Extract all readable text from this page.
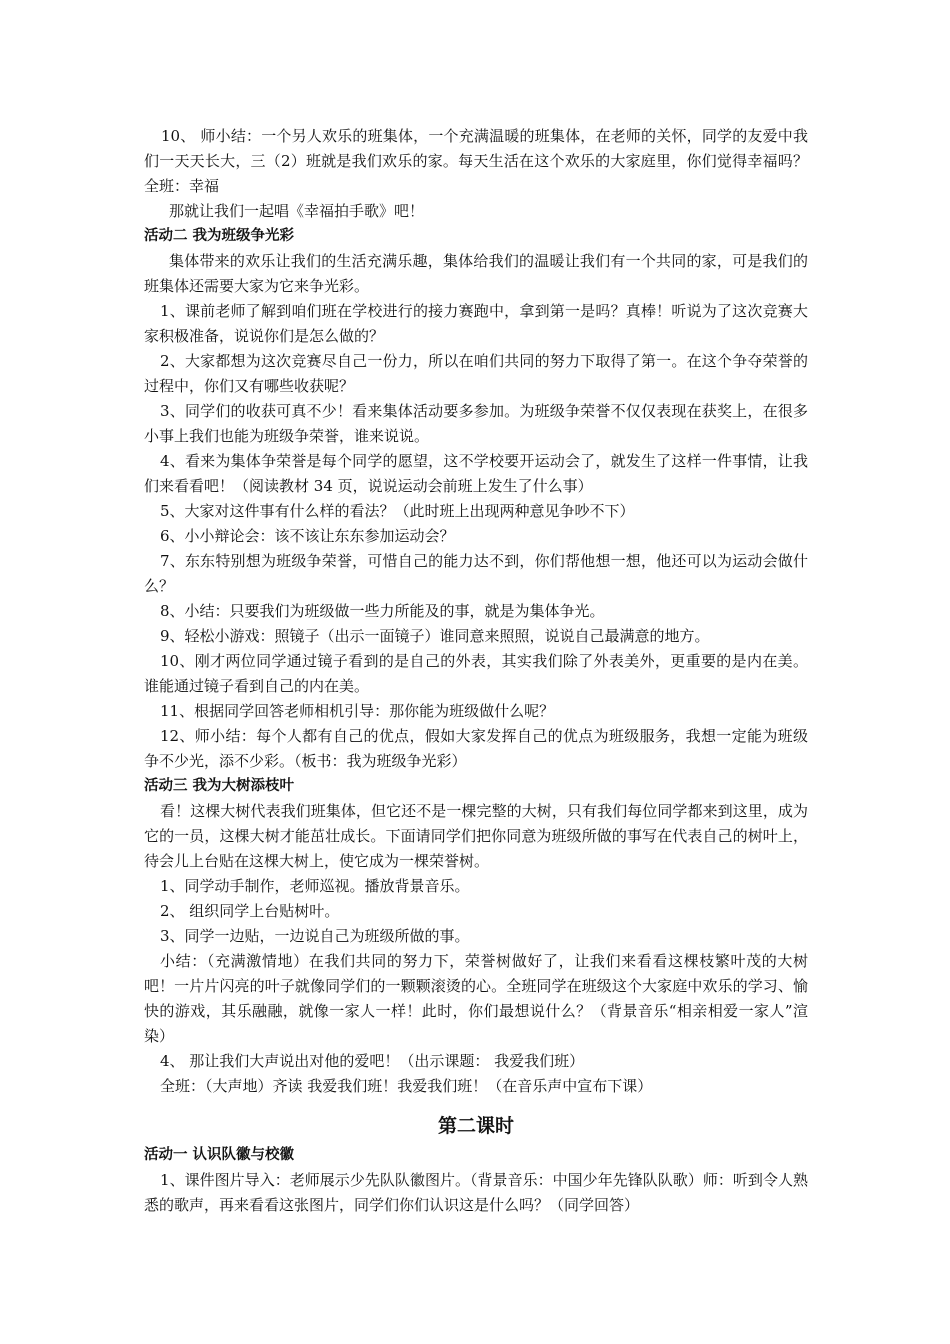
10、 师小结：一个另人欢乐的班集体，一个充满温暖的班集体，在老师的关怀，同学的友爱中我们一天天长大，三（2）班就是我们欢乐的家。每天生活在这个欢乐的大家庭里，你们觉得幸福吗？全班：幸福

那就让我们一起唱《幸福拍手歌》吧！

活动二 我为班级争光彩

集体带来的欢乐让我们的生活充满乐趣，集体给我们的温暖让我们有一个共同的家，可是我们的班集体还需要大家为它来争光彩。

1、课前老师了解到咱们班在学校进行的接力赛跑中，拿到第一是吗？真棒！听说为了这次竞赛大家积极准备，说说你们是怎么做的？

2、大家都想为这次竞赛尽自己一份力，所以在咱们共同的努力下取得了第一。在这个争夺荣誉的过程中，你们又有哪些收获呢？

3、同学们的收获可真不少！看来集体活动要多参加。为班级争荣誉不仅仅表现在获奖上，在很多小事上我们也能为班级争荣誉，谁来说说。

4、看来为集体争荣誉是每个同学的愿望，这不学校要开运动会了，就发生了这样一件事情，让我们来看看吧！（阅读教材 34 页，说说运动会前班上发生了什么事）

5、大家对这件事有什么样的看法？（此时班上出现两种意见争吵不下）

6、小小辩论会：该不该让东东参加运动会？

7、东东特别想为班级争荣誉，可惜自己的能力达不到，你们帮他想一想，他还可以为运动会做什么？

8、小结：只要我们为班级做一些力所能及的事，就是为集体争光。

9、轻松小游戏：照镜子（出示一面镜子）谁同意来照照，说说自己最满意的地方。

10、刚才两位同学通过镜子看到的是自己的外表，其实我们除了外表美外，更重要的是内在美。谁能通过镜子看到自己的内在美。

11、根据同学回答老师相机引导：那你能为班级做什么呢？

12、师小结：每个人都有自己的优点，假如大家发挥自己的优点为班级服务，我想一定能为班级争不少光，添不少彩。（板书：我为班级争光彩）

活动三 我为大树添枝叶

看！这棵大树代表我们班集体，但它还不是一棵完整的大树，只有我们每位同学都来到这里，成为它的一员，这棵大树才能茁壮成长。下面请同学们把你同意为班级所做的事写在代表自己的树叶上，待会儿上台贴在这棵大树上，使它成为一棵荣誉树。

1、同学动手制作，老师巡视。播放背景音乐。

2、 组织同学上台贴树叶。

3、同学一边贴，一边说自己为班级所做的事。

小结：（充满激情地）在我们共同的努力下，荣誉树做好了，让我们来看看这棵枝繁叶茂的大树吧！一片片闪亮的叶子就像同学们的一颗颗滚烫的心。全班同学在班级这个大家庭中欢乐的学习、愉快的游戏，其乐融融，就像一家人一样！此时，你们最想说什么？（背景音乐“相亲相爱一家人”渲染）

4、 那让我们大声说出对他的爱吧！（出示课题： 我爱我们班）

全班：（大声地）齐读 我爱我们班！我爱我们班！（在音乐声中宣布下课）

第二课时

活动一 认识队徽与校徽

1、课件图片导入：老师展示少先队队徽图片。（背景音乐：中国少年先锋队队歌）师：听到令人熟悉的歌声，再来看看这张图片，同学们你们认识这是什么吗？（同学回答）
